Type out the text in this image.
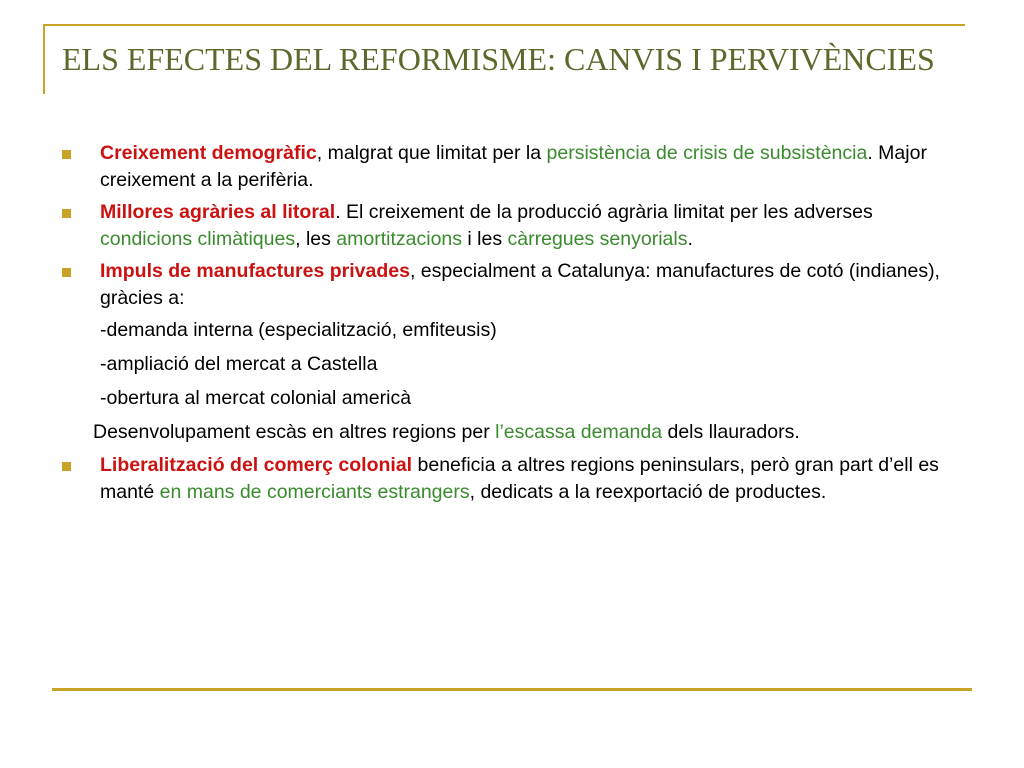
ELS EFECTES DEL REFORMISME: CANVIS I PERVIVÈNCIES
Creixement demogràfic, malgrat que limitat per la persistència de crisis de subsistència. Major creixement a la perifèria.
Millores agràries al litoral. El creixement de la producció agrària limitat per les adverses condicions climàtiques, les amortitzacions i les càrregues senyorials.
Impuls de manufactures privades, especialment a Catalunya: manufactures de cotó (indianes), gràcies a:
-demanda interna (especialització, emfiteusis)
-ampliació del mercat a Castella
-obertura al mercat colonial americà
Desenvolupament escàs en altres regions per l’escassa demanda dels llauradors.
Liberalització del comerç colonial beneficia a altres regions peninsulars, però gran part d’ell es manté en mans de comerciants estrangers, dedicats a la reexportació de productes.
